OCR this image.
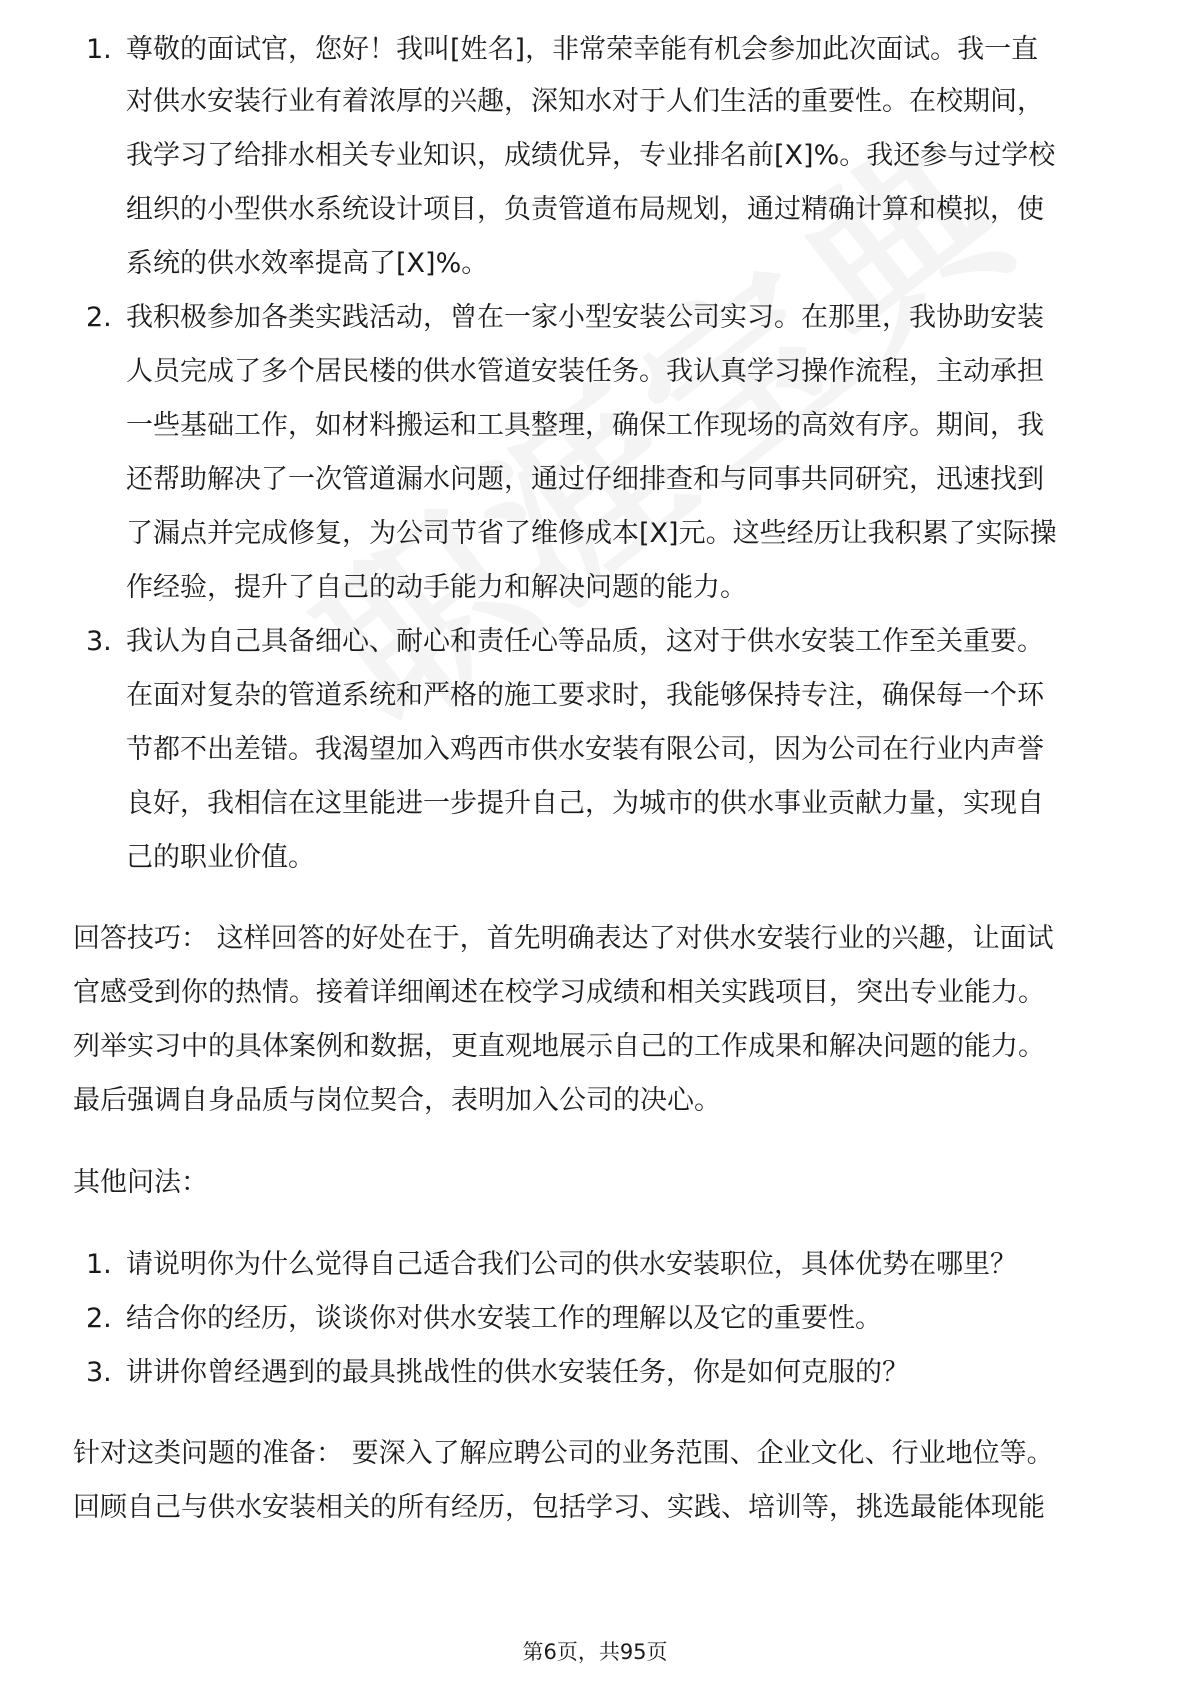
1. 尊敬的面试官，您好！我叫[姓名]，非常荣幸能有机会参加此次面试。我一直
对供水安装行业有着浓厚的兴趣，深知水对于人们生活的重要性。在校期间，
我学习了给排水相关专业知识，成绩优异，专业排名前[X]%。我还参与过学校
组织的小型供水系统设计项目，负责管道布局规划，通过精确计算和模拟，使
系统的供水效率提高了[X]%。
2. 我积极参加各类实践活动，曾在一家小型安装公司实习。在那里，我协助安装
人员完成了多个居民楼的供水管道安装任务。我认真学习操作流程，主动承担
一些基础工作，如材料搬运和工具整理，确保工作现场的高效有序。期间，我
还帮助解决了一次管道漏水问题，通过仔细排查和与同事共同研究，迅速找到
了漏点并完成修复，为公司节省了维修成本[X]元。这些经历让我积累了实际操
作经验，提升了自己的动手能力和解决问题的能力。
3. 我认为自己具备细心、耐心和责任心等品质，这对于供水安装工作至关重要。
在面对复杂的管道系统和严格的施工要求时，我能够保持专注，确保每一个环
节都不出差错。我渴望加入鸡西市供水安装有限公司，因为公司在行业内声誉
良好，我相信在这里能进一步提升自己，为城市的供水事业贡献力量，实现自
己的职业价值。
回答技巧： 这样回答的好处在于，首先明确表达了对供水安装行业的兴趣，让面试
官感受到你的热情。接着详细阐述在校学习成绩和相关实践项目，突出专业能力。
列举实习中的具体案例和数据，更直观地展示自己的工作成果和解决问题的能力。
最后强调自身品质与岗位契合，表明加入公司的决心。
其他问法：
1. 请说明你为什么觉得自己适合我们公司的供水安装职位，具体优势在哪里？
2. 结合你的经历，谈谈你对供水安装工作的理解以及它的重要性。
3. 讲讲你曾经遇到的最具挑战性的供水安装任务，你是如何克服的？
针对这类问题的准备： 要深入了解应聘公司的业务范围、企业文化、行业地位等。
回顾自己与供水安装相关的所有经历，包括学习、实践、培训等，挑选最能体现能
第6页，共95页
